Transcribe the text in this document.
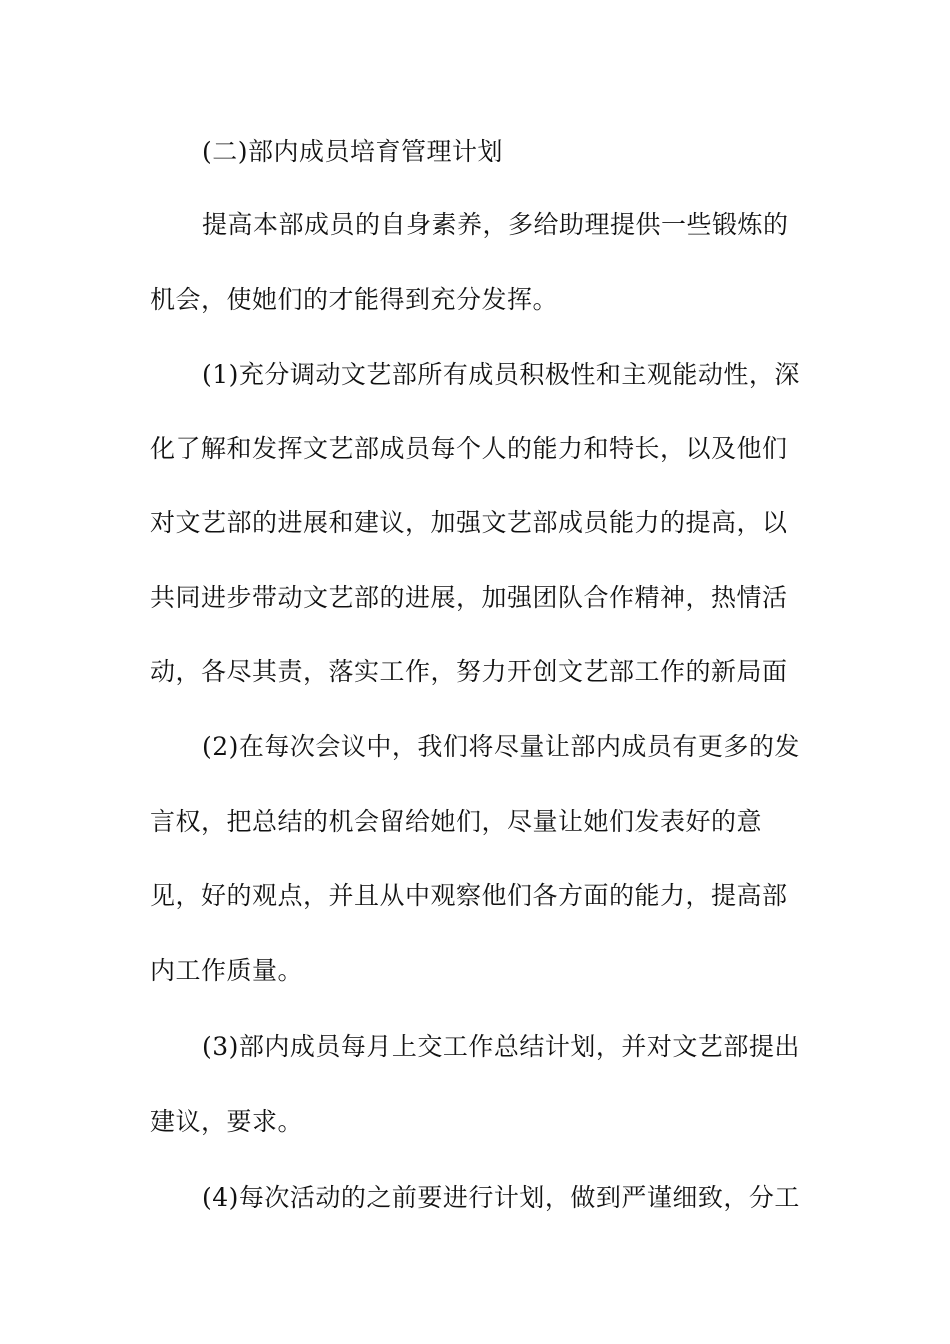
(二)部内成员培育管理计划
提高本部成员的自身素养，多给助理提供一些锻炼的
机会，使她们的才能得到充分发挥。
(1)充分调动文艺部所有成员积极性和主观能动性，深
化了解和发挥文艺部成员每个人的能力和特长，以及他们
对文艺部的进展和建议，加强文艺部成员能力的提高，以
共同进步带动文艺部的进展，加强团队合作精神，热情活
动，各尽其责，落实工作，努力开创文艺部工作的新局面
(2)在每次会议中，我们将尽量让部内成员有更多的发
言权，把总结的机会留给她们，尽量让她们发表好的意
见，好的观点，并且从中观察他们各方面的能力，提高部
内工作质量。
(3)部内成员每月上交工作总结计划，并对文艺部提出
建议，要求。
(4)每次活动的之前要进行计划，做到严谨细致，分工
